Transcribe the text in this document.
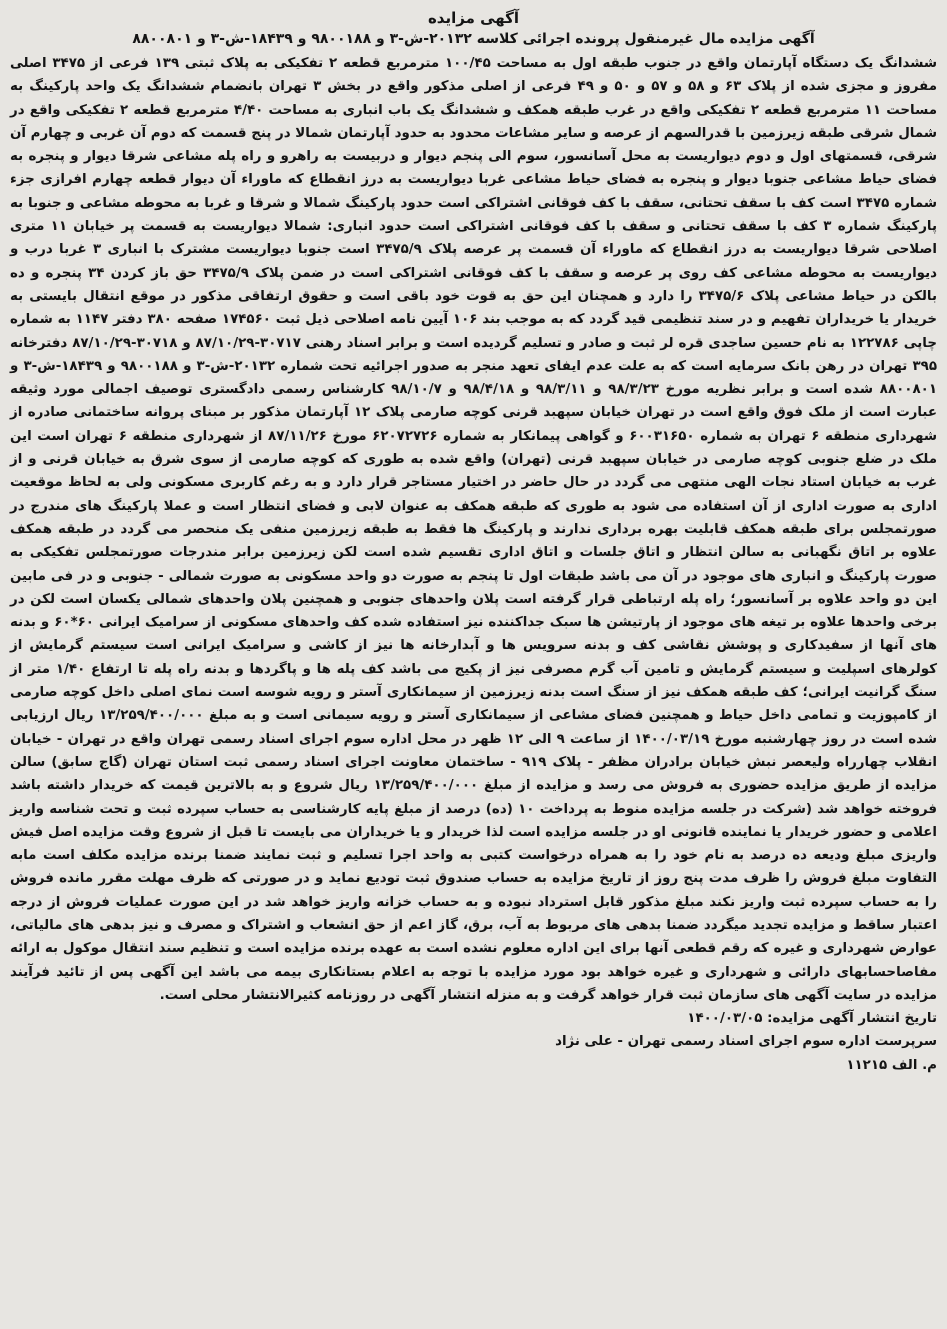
آگهی مزایده

آگهی مزایده مال غیرمنقول پرونده اجرائی کلاسه ۲۰۱۳۲-ش-۳ و ۹۸۰۰۱۸۸ و ۱۸۴۳۹-ش-۳ و ۸۸۰۰۸۰۱

ششدانگ یک دستگاه آپارتمان واقع در جنوب طبقه اول به مساحت ۱۰۰/۴۵ مترمربع قطعه ۲ تفکیکی به پلاک ثبتی ۱۳۹ فرعی از ۳۴۷۵ اصلی مفروز و مجزی شده از پلاک ۶۳ و ۵۸ و ۵۷ و ۵۰ و ۴۹ فرعی از اصلی مذکور واقع در بخش ۳ تهران بانضمام ششدانگ یک واحد پارکینگ به مساحت ۱۱ مترمربع قطعه ۲ تفکیکی واقع در غرب طبقه همکف و ششدانگ یک باب انباری به مساحت ۴/۴۰ مترمربع قطعه ۲ تفکیکی واقع در شمال شرقی طبقه زیرزمین با قدرالسهم از عرصه و سایر مشاعات محدود به حدود آپارتمان شمالا در پنج قسمت که دوم آن غربی و چهارم آن شرقی، قسمتهای اول و دوم دیواریست به محل آسانسور، سوم الی پنجم دیوار و دربیست به راهرو و راه پله مشاعی شرقا دیوار و پنجره به فضای حیاط مشاعی جنوبا دیوار و پنجره به فضای حیاط مشاعی غربا دیواریست به درز انقطاع که ماوراء آن دیوار قطعه چهارم افرازی جزء شماره ۳۴۷۵ است کف با سقف تحتانی، سقف با کف فوقانی اشتراکی است حدود پارکینگ شمالا و شرقا و غربا به محوطه مشاعی و جنوبا به پارکینگ شماره ۳ کف با سقف تحتانی و سقف با کف فوقانی اشتراکی است حدود انباری: شمالا دیواریست به قسمت پر خیابان ۱۱ متری اصلاحی شرقا دیواریست به درز انقطاع که ماوراء آن قسمت پر عرصه پلاک ۳۴۷۵/۹ است جنوبا دیواریست مشترک با انباری ۳ غربا درب و دیواریست به محوطه مشاعی کف روی پر عرصه و سقف با کف فوقانی اشتراکی است در ضمن پلاک ۳۴۷۵/۹ حق باز کردن ۳۴ پنجره و ده بالکن در حیاط مشاعی پلاک ۳۴۷۵/۶ را دارد و همچنان این حق به قوت خود باقی است و حقوق ارتفاقی مذکور در موقع انتقال بایستی به خریدار یا خریداران تفهیم و در سند تنظیمی قید گردد که به موجب بند ۱۰۶ آیین نامه اصلاحی ذیل ثبت ۱۷۴۵۶۰ صفحه ۳۸۰ دفتر ۱۱۴۷ به شماره چاپی ۱۲۲۷۸۶ به نام حسین ساجدی قره لر ثبت و صادر و تسلیم گردیده است و برابر اسناد رهنی ۳۰۷۱۷-۸۷/۱۰/۲۹ و ۳۰۷۱۸-۸۷/۱۰/۲۹ دفترخانه ۳۹۵ تهران در رهن بانک سرمایه است که به علت عدم ایفای تعهد منجر به صدور اجرائیه تحت شماره ۲۰۱۳۲-ش-۳ و ۹۸۰۰۱۸۸ و ۱۸۴۳۹-ش-۳ و ۸۸۰۰۸۰۱ شده است و برابر نظریه مورخ ۹۸/۳/۲۳ و ۹۸/۳/۱۱ و ۹۸/۴/۱۸ و ۹۸/۱۰/۷ کارشناس رسمی دادگستری توصیف اجمالی مورد وثیقه عبارت است از ملک فوق واقع است در تهران خیابان سپهبد قرنی کوچه صارمی پلاک ۱۲ آپارتمان مذکور بر مبنای پروانه ساختمانی صادره از شهرداری منطقه ۶ تهران به شماره ۶۰۰۳۱۶۵۰ و گواهی پیمانکار به شماره ۶۲۰۷۲۷۲۶ مورخ ۸۷/۱۱/۲۶ از شهرداری منطقه ۶ تهران است این ملک در ضلع جنوبی کوچه صارمی در خیابان سپهبد قرنی (تهران) واقع شده به طوری که کوچه صارمی از سوی شرق به خیابان قرنی و از غرب به خیابان استاد نجات الهی منتهی می گردد در حال حاضر در اختیار مستاجر قرار دارد و به رغم کاربری مسکونی ولی به لحاظ موقعیت اداری به صورت اداری از آن استفاده می شود به طوری که طبقه همکف به عنوان لابی و فضای انتظار است و عملا پارکینگ های مندرج در صورتمجلس برای طبقه همکف قابلیت بهره برداری ندارند و پارکینگ ها فقط به طبقه زیرزمین منفی یک منحصر می گردد در طبقه همکف علاوه بر اتاق نگهبانی به سالن انتظار و اتاق جلسات و اتاق اداری تقسیم شده است لکن زیرزمین برابر مندرجات صورتمجلس تفکیکی به صورت پارکینگ و انباری های موجود در آن می باشد طبقات اول تا پنجم به صورت دو واحد مسکونی به صورت شمالی - جنوبی و در فی مابین این دو واحد علاوه بر آسانسور؛ راه پله ارتباطی قرار گرفته است پلان واحدهای جنوبی و همچنین پلان واحدهای شمالی یکسان است لکن در برخی واحدها علاوه بر تیغه های موجود از پارتیشن ها سبک جداکننده نیز استفاده شده کف واحدهای مسکونی از سرامیک ایرانی ۶۰*۶۰ و بدنه های آنها از سفیدکاری و پوشش نقاشی کف و بدنه سرویس ها و آبدارخانه ها نیز از کاشی و سرامیک ایرانی است سیستم گرمایش از کولرهای اسپلیت و سیستم گرمایش و تامین آب گرم مصرفی نیز از پکیج می باشد کف پله ها و پاگردها و بدنه راه پله تا ارتفاع ۱/۴۰ متر از سنگ گرانیت ایرانی؛ کف طبقه همکف نیز از سنگ است بدنه زیرزمین از سیمانکاری آستر و رویه شوسه است نمای اصلی داخل کوچه صارمی از کامپوزیت و تمامی داخل حیاط و همچنین فضای مشاعی از سیمانکاری آستر و رویه سیمانی است و به مبلغ ۱۳/۲۵۹/۴۰۰/۰۰۰ ریال ارزیابی شده است در روز چهارشنبه مورخ ۱۴۰۰/۰۳/۱۹ از ساعت ۹ الی ۱۲ ظهر در محل اداره سوم اجرای اسناد رسمی تهران واقع در تهران - خیابان انقلاب چهارراه ولیعصر نبش خیابان برادران مظفر - پلاک ۹۱۹ - ساختمان معاونت اجرای اسناد رسمی ثبت استان تهران (گاج سابق) سالن مزایده از طریق مزایده حضوری به فروش می رسد و مزایده از مبلغ ۱۳/۲۵۹/۴۰۰/۰۰۰ ریال شروع و به بالاترین قیمت که خریدار داشته باشد فروخته خواهد شد (شرکت در جلسه مزایده منوط به پرداخت ۱۰ (ده) درصد از مبلغ پایه کارشناسی به حساب سپرده ثبت و تحت شناسه واریز اعلامی و حضور خریدار یا نماینده قانونی او در جلسه مزایده است لذا خریدار و یا خریداران می بایست تا قبل از شروع وقت مزایده اصل فیش واریزی مبلغ ودیعه ده درصد به نام خود را به همراه درخواست کتبی به واحد اجرا تسلیم و ثبت نمایند ضمنا برنده مزایده مکلف است مابه التفاوت مبلغ فروش را ظرف مدت پنج روز از تاریخ مزایده به حساب صندوق ثبت تودیع نماید و در صورتی که ظرف مهلت مقرر مانده فروش را به حساب سپرده ثبت واریز نکند مبلغ مذکور قابل استرداد نبوده و به حساب خزانه واریز خواهد شد در این صورت عملیات فروش از درجه اعتبار ساقط و مزایده تجدید میگردد ضمنا بدهی های مربوط به آب، برق، گاز اعم از حق انشعاب و اشتراک و مصرف و نیز بدهی های مالیاتی، عوارض شهرداری و غیره که رقم قطعی آنها برای این اداره معلوم نشده است به عهده برنده مزایده است و تنظیم سند انتقال موکول به ارائه مفاصاحسابهای دارائی و شهرداری و غیره خواهد بود مورد مزایده با توجه به اعلام بستانکاری بیمه می باشد این آگهی پس از تائید فرآیند مزایده در سایت آگهی های سازمان ثبت قرار خواهد گرفت و به منزله انتشار آگهی در روزنامه کثیرالانتشار محلی است.

تاریخ انتشار آگهی مزایده: ۱۴۰۰/۰۳/۰۵

سرپرست اداره سوم اجرای اسناد رسمی تهران - علی نژاد

م. الف ۱۱۲۱۵
